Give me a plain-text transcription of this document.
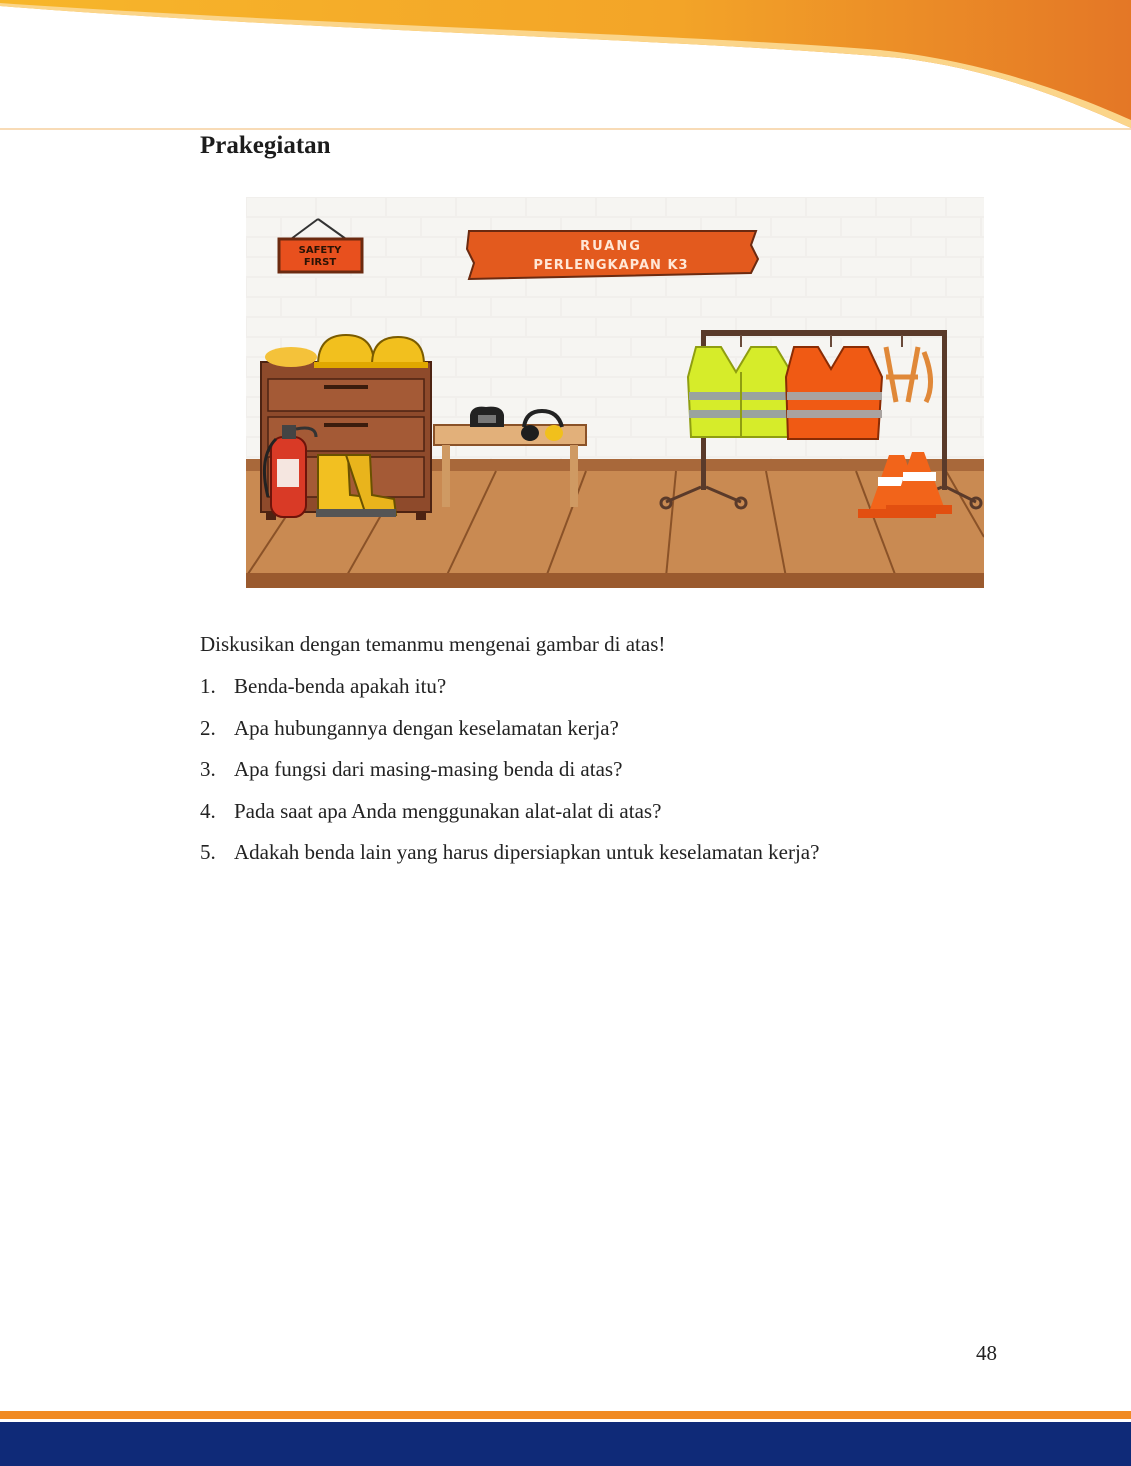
Prakegiatan
SAFETY
FIRST
RUANG
PERLENGKAPAN K3
Diskusikan dengan temanmu mengenai gambar di atas!
1. Benda-benda apakah itu?
2. Apa hubungannya dengan keselamatan kerja?
3. Apa fungsi dari masing-masing benda di atas?
4. Pada saat apa Anda menggunakan alat-alat di atas?
5. Adakah benda lain yang harus dipersiapkan untuk keselamatan kerja?
48
